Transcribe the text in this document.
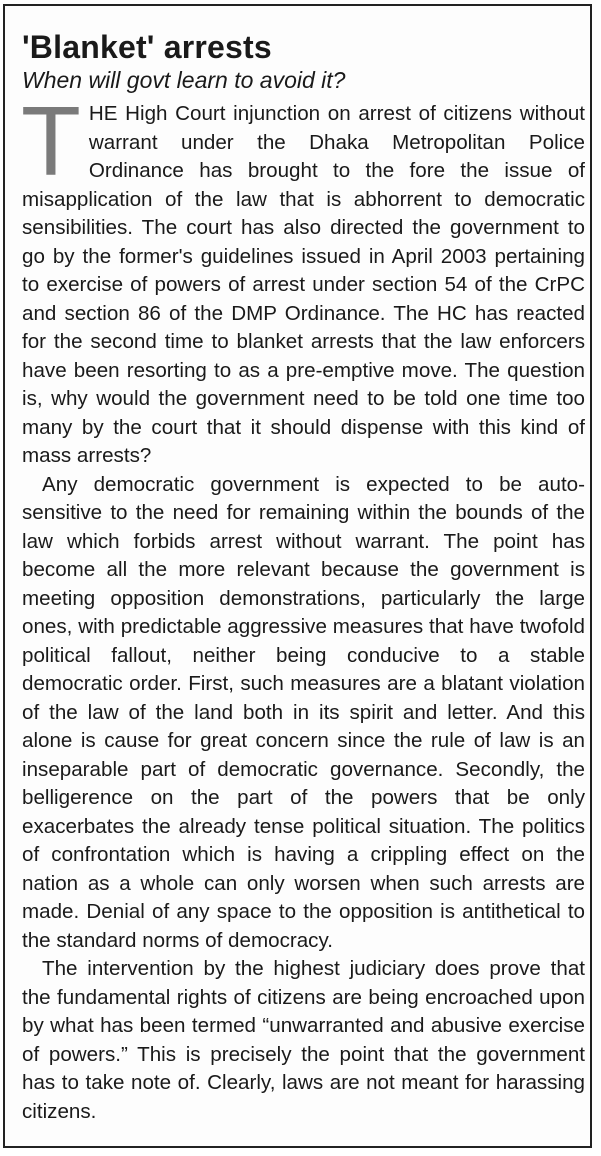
'Blanket' arrests
When will govt learn to avoid it?

THE High Court injunction on arrest of citizens without warrant under the Dhaka Metropolitan Police Ordinance has brought to the fore the issue of misapplication of the law that is abhorrent to democratic sensibilities. The court has also directed the government to go by the former's guidelines issued in April 2003 pertaining to exercise of powers of arrest under section 54 of the CrPC and section 86 of the DMP Ordinance. The HC has reacted for the second time to blanket arrests that the law enforcers have been resorting to as a pre-emptive move. The question is, why would the government need to be told one time too many by the court that it should dispense with this kind of mass arrests?

Any democratic government is expected to be auto-sensitive to the need for remaining within the bounds of the law which forbids arrest without warrant. The point has become all the more relevant because the government is meeting opposition demonstrations, particularly the large ones, with predictable aggressive measures that have twofold political fallout, neither being conducive to a stable democratic order. First, such measures are a blatant violation of the law of the land both in its spirit and letter. And this alone is cause for great concern since the rule of law is an inseparable part of democratic governance. Secondly, the belligerence on the part of the powers that be only exacerbates the already tense political situation. The politics of confrontation which is having a crippling effect on the nation as a whole can only worsen when such arrests are made. Denial of any space to the opposition is antithetical to the standard norms of democracy.

The intervention by the highest judiciary does prove that the fundamental rights of citizens are being encroached upon by what has been termed “unwarranted and abusive exercise of powers.” This is precisely the point that the government has to take note of. Clearly, laws are not meant for harassing citizens.
